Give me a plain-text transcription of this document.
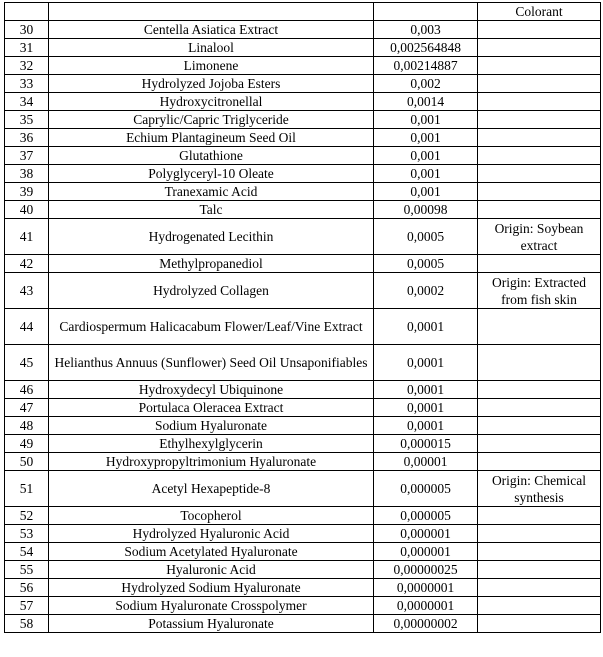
			Colorant
30	Centella Asiatica Extract	0,003	
31	Linalool	0,002564848	
32	Limonene	0,00214887	
33	Hydrolyzed Jojoba Esters	0,002	
34	Hydroxycitronellal	0,0014	
35	Caprylic/Capric Triglyceride	0,001	
36	Echium Plantagineum Seed Oil	0,001	
37	Glutathione	0,001	
38	Polyglyceryl-10 Oleate	0,001	
39	Tranexamic Acid	0,001	
40	Talc	0,00098	
41	Hydrogenated Lecithin	0,0005	Origin: Soybean extract
42	Methylpropanediol	0,0005	
43	Hydrolyzed Collagen	0,0002	Origin: Extracted from fish skin
44	Cardiospermum Halicacabum Flower/Leaf/Vine Extract	0,0001	
45	Helianthus Annuus (Sunflower) Seed Oil Unsaponifiables	0,0001	
46	Hydroxydecyl Ubiquinone	0,0001	
47	Portulaca Oleracea Extract	0,0001	
48	Sodium Hyaluronate	0,0001	
49	Ethylhexylglycerin	0,000015	
50	Hydroxypropyltrimonium Hyaluronate	0,00001	
51	Acetyl Hexapeptide-8	0,000005	Origin: Chemical synthesis
52	Tocopherol	0,000005	
53	Hydrolyzed Hyaluronic Acid	0,000001	
54	Sodium Acetylated Hyaluronate	0,000001	
55	Hyaluronic Acid	0,00000025	
56	Hydrolyzed Sodium Hyaluronate	0,0000001	
57	Sodium Hyaluronate Crosspolymer	0,0000001	
58	Potassium Hyaluronate	0,00000002	
